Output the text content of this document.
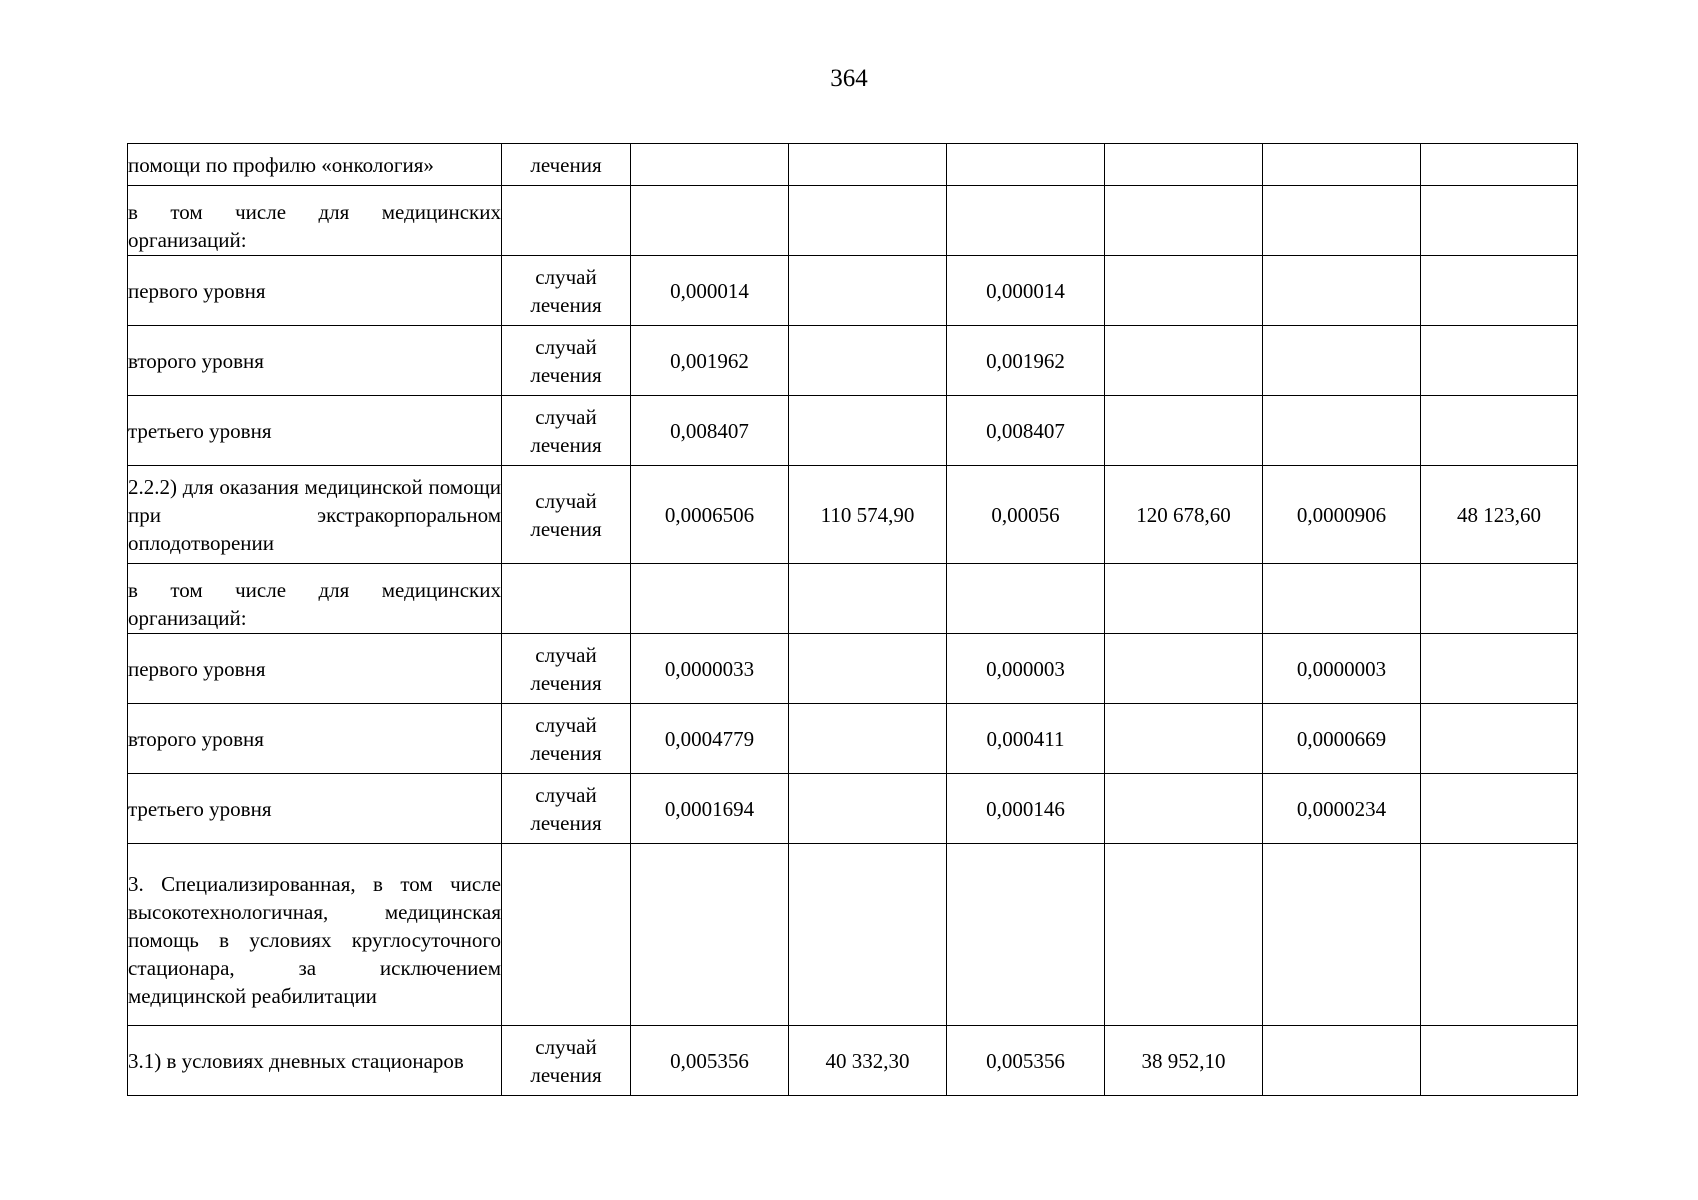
364
помощи по профилю «онкология»	лечения						

в том числе для медицинских организаций:							

первого уровня	случай лечения	0,000014		0,000014			
второго уровня	случай лечения	0,001962		0,001962			
третьего уровня	случай лечения	0,008407		0,008407			

2.2.2) для оказания медицинской помощи при экстракорпоральном оплодотворении	случай лечения	0,0006506	110 574,90	0,00056	120 678,60	0,0000906	48 123,60

в том числе для медицинских организаций:							

первого уровня	случай лечения	0,0000033		0,000003		0,0000003	
второго уровня	случай лечения	0,0004779		0,000411		0,0000669	
третьего уровня	случай лечения	0,0001694		0,000146		0,0000234	

3. Специализированная, в том числе высокотехнологичная, медицинская помощь в условиях круглосуточного стационара, за исключением медицинской реабилитации							

3.1) в условиях дневных стационаров	случай лечения	0,005356	40 332,30	0,005356	38 952,10		
